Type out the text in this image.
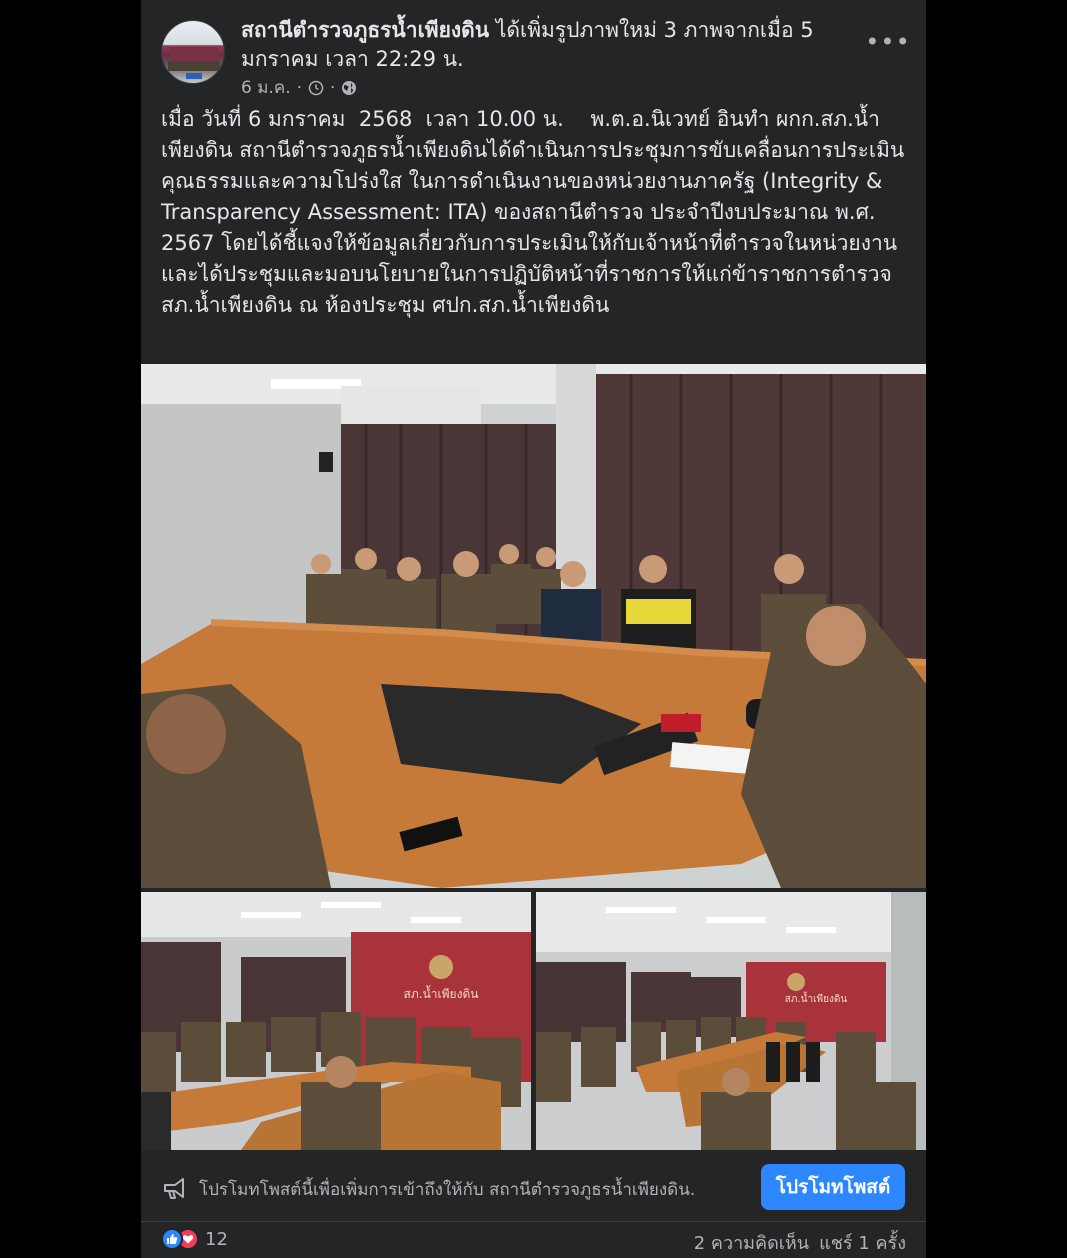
สถานีตำรวจภูธรน้ำเพียงดิน ได้เพิ่มรูปภาพใหม่ 3 ภาพจากเมื่อ 5 มกราคม เวลา 22:29 น.
6 ม.ค. · ·
•••
เมื่อ วันที่ 6 มกราคม  2568  เวลา 10.00 น.    พ.ต.อ.นิเวทย์ อินทำ ผกก.สภ.น้ำเพียงดิน สถานีตำรวจภูธรน้ำเพียงดินได้ดำเนินการประชุมการขับเคลื่อนการประเมินคุณธรรมและความโปร่งใส ในการดำเนินงานของหน่วยงานภาครัฐ (Integrity & Transparency Assessment: ITA) ของสถานีตำรวจ ประจำปีงบประมาณ พ.ศ. 2567 โดยได้ชี้แจงให้ข้อมูลเกี่ยวกับการประเมินให้กับเจ้าหน้าที่ตำรวจในหน่วยงาน และได้ประชุมและมอบนโยบายในการปฏิบัติหน้าที่ราชการให้แก่ข้าราชการตำรวจ สภ.น้ำเพียงดิน ณ ห้องประชุม ศปก.สภ.น้ำเพียงดิน
สภ.น้ำเพียงดิน	สภ.น้ำเพียงดิน
โปรโมทโพสต์นี้เพื่อเพิ่มการเข้าถึงให้กับ สถานีตำรวจภูธรน้ำเพียงดิน.	โปรโมทโพสต์
12	2 ความคิดเห็น แชร์ 1 ครั้ง
